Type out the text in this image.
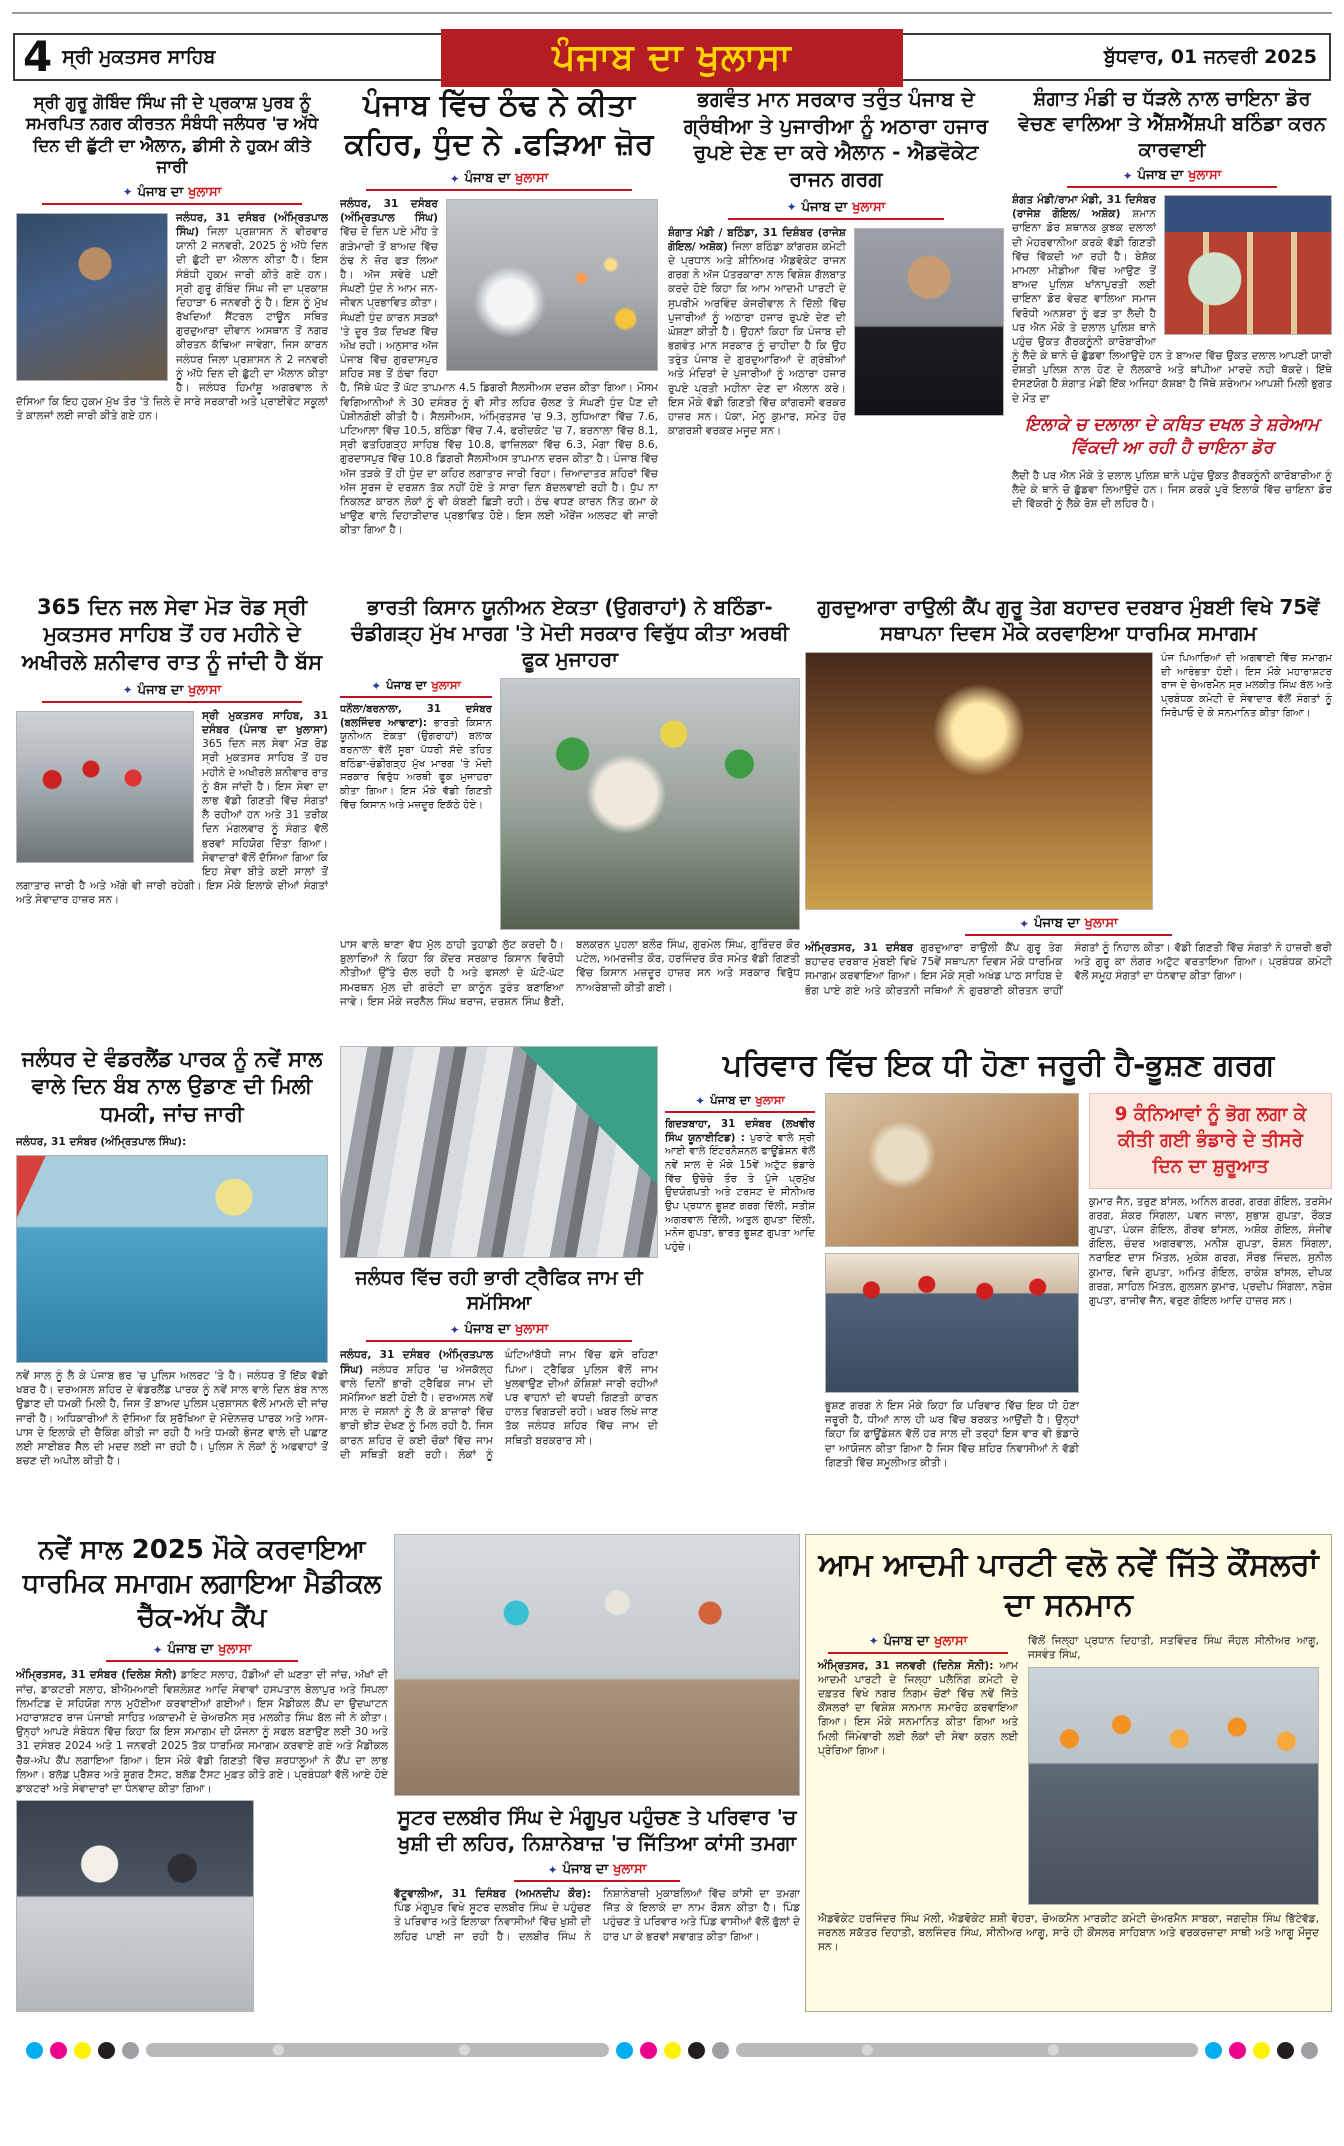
4 ਸ੍ਰੀ ਮੁਕਤਸਰ ਸਾਹਿਬ	ਪੰਜਾਬ ਦਾ ਖੁਲਾਸਾ	ਬੁੱਧਵਾਰ, 01 ਜਨਵਰੀ 2025
ਸ੍ਰੀ ਗੁਰੂ ਗੋਬਿੰਦ ਸਿੰਘ ਜੀ ਦੇ ਪ੍ਰਕਾਸ਼ ਪੁਰਬ ਨੂੰ ਸਮਰਪਿਤ ਨਗਰ ਕੀਰਤਨ ਸੰਬੰਧੀ ਜਲੰਧਰ 'ਚ ਅੱਧੇ ਦਿਨ ਦੀ ਛੁੱਟੀ ਦਾ ਐਲਾਨ, ਡੀਸੀ ਨੇ ਹੁਕਮ ਕੀਤੇ ਜਾਰੀ
✦ ਪੰਜਾਬ ਦਾ ਖੁਲਾਸਾ
ਜਲੰਧਰ, 31 ਦਸੰਬਰ (ਅੰਮ੍ਰਿਤਪਾਲ ਸਿੰਘ) ਜਿਲਾ ਪ੍ਰਸ਼ਾਸਨ ਨੇ ਵੀਰਵਾਰ ਯਾਨੀ 2 ਜਨਵਰੀ, 2025 ਨੂੰ ਅੱਧੇ ਦਿਨ ਦੀ ਛੁੱਟੀ ਦਾ ਐਲਾਨ ਕੀਤਾ ਹੈ। ਇਸ ਸੰਬੰਧੀ ਹੁਕਮ ਜਾਰੀ ਕੀਤੇ ਗਏ ਹਨ। ਸ੍ਰੀ ਗੁਰੂ ਗੋਬਿੰਦ ਸਿੰਘ ਜੀ ਦਾ ਪ੍ਰਕਾਸ਼ ਦਿਹਾੜਾ 6 ਜਨਵਰੀ ਨੂੰ ਹੈ। ਇਸ ਨੂੰ ਮੁੱਖ ਰੱਖਦਿਆਂ ਸੈਂਟਰਲ ਟਾਊਨ ਸਥਿਤ ਗੁਰਦੁਆਰਾ ਦੀਵਾਨ ਅਸਥਾਨ ਤੋਂ ਨਗਰ ਕੀਰਤਨ ਕੱਢਿਆ ਜਾਵੇਗਾ, ਜਿਸ ਕਾਰਨ ਜਲੰਧਰ ਜਿਲਾ ਪ੍ਰਸ਼ਾਸਨ ਨੇ 2 ਜਨਵਰੀ ਨੂੰ ਅੱਧੇ ਦਿਨ ਦੀ ਛੁੱਟੀ ਦਾ ਐਲਾਨ ਕੀਤਾ ਹੈ। ਜਲੰਧਰ ਹਿਮਾਂਸ਼ੂ ਅਗਰਵਾਲ ਨੇ ਦੱਸਿਆ ਕਿ ਇਹ ਹੁਕਮ ਮੁੱਖ ਤੌਰ 'ਤੇ ਜ਼ਿਲੇ ਦੇ ਸਾਰੇ ਸਰਕਾਰੀ ਅਤੇ ਪ੍ਰਾਈਵੇਟ ਸਕੂਲਾਂ ਤੇ ਕਾਲਜਾਂ ਲਈ ਜਾਰੀ ਕੀਤੇ ਗਏ ਹਨ।
ਪੰਜਾਬ ਵਿੱਚ ਠੰਢ ਨੇ ਕੀਤਾ ਕਹਿਰ, ਧੁੰਦ ਨੇ .ਫੜਿਆ ਜ਼ੋਰ
✦ ਪੰਜਾਬ ਦਾ ਖੁਲਾਸਾ
ਜਲੰਧਰ, 31 ਦਸੰਬਰ (ਅੰਮ੍ਰਿਤਪਾਲ ਸਿੰਘ) ਵਿੱਚ ਦੋ ਦਿਨ ਪਏ ਮੀਂਹ ਤੇ ਗੜੇਮਾਰੀ ਤੋਂ ਬਾਅਦ ਵਿੱਚ ਠੰਢ ਨੇ ਜ਼ੋਰ ਫੜ ਲਿਆ ਹੈ। ਅੱਜ ਸਵੇਰੇ ਪਈ ਸੰਘਣੀ ਧੁੰਦ ਨੇ ਆਮ ਜਨ-ਜੀਵਨ ਪ੍ਰਭਾਵਿਤ ਕੀਤਾ। ਸੰਘਣੀ ਧੁੰਦ ਕਾਰਨ ਸੜਕਾਂ 'ਤੇ ਦੂਰ ਤੱਕ ਦਿਖਣ ਵਿੱਚ ਔਖ ਰਹੀ। ਅਨੁਸਾਰ ਅੱਜ ਪੰਜਾਬ ਵਿੱਚ ਗੁਰਦਾਸਪੁਰ ਸ਼ਹਿਰ ਸਭ ਤੋਂ ਠੰਢਾ ਰਿਹਾ ਹੈ, ਜਿੱਥੇ ਘੱਟ ਤੋਂ ਘੱਟ ਤਾਪਮਾਨ 4.5 ਡਿਗਰੀ ਸੈਲਸੀਅਸ ਦਰਜ ਕੀਤਾ ਗਿਆ। ਮੌਸਮ ਵਿਗਿਆਨੀਆਂ ਨੇ 30 ਦਸੰਬਰ ਨੂੰ ਵੀ ਸੀਤ ਲਹਿਰ ਚੱਲਣ ਤੇ ਸੰਘਣੀ ਧੁੰਦ ਪੈਣ ਦੀ ਪੇਸ਼ੀਨਗੋਈ ਕੀਤੀ ਹੈ। ਸੈਲਸੀਅਸ, ਅੰਮ੍ਰਿਤਸਰ 'ਚ 9.3, ਲੁਧਿਆਣਾ ਵਿੱਚ 7.6, ਪਟਿਆਲਾ ਵਿੱਚ 10.5, ਬਠਿੰਡਾ ਵਿੱਚ 7.4, ਫਰੀਦਕੋਟ 'ਚ 7, ਬਰਨਾਲਾ ਵਿੱਚ 8.1, ਸ੍ਰੀ ਫਤਹਿਗੜ੍ਹ ਸਾਹਿਬ ਵਿੱਚ 10.8, ਫਾਜ਼ਿਲਕਾ ਵਿੱਚ 6.3, ਮੋਗਾ ਵਿੱਚ 8.6, ਗੁਰਦਾਸਪੁਰ ਵਿੱਚ 10.8 ਡਿਗਰੀ ਸੈਲਸੀਅਸ ਤਾਪਮਾਨ ਦਰਜ ਕੀਤਾ ਹੈ। ਪੰਜਾਬ ਵਿੱਚ ਅੱਜ ਤੜਕੇ ਤੋਂ ਹੀ ਧੁੰਦ ਦਾ ਕਹਿਰ ਲਗਾਤਾਰ ਜਾਰੀ ਰਿਹਾ। ਜ਼ਿਆਦਾਤਰ ਸ਼ਹਿਰਾਂ ਵਿੱਚ ਅੱਜ ਸੂਰਜ ਦੇ ਦਰਸ਼ਨ ਤੱਕ ਨਹੀਂ ਹੋਏ ਤੇ ਸਾਰਾ ਦਿਨ ਬੱਦਲਵਾਈ ਰਹੀ ਹੈ। ਧੁੱਪ ਨਾ ਨਿਕਲਣ ਕਾਰਨ ਲੋਕਾਂ ਨੂੰ ਵੀ ਕੰਬਣੀ ਛਿੜੀ ਰਹੀ। ਠੰਢ ਵਧਣ ਕਾਰਨ ਨਿੱਤ ਕਮਾ ਕੇ ਖਾਉਣ ਵਾਲੇ ਦਿਹਾੜੀਦਾਰ ਪ੍ਰਭਾਵਿਤ ਹੋਏ। ਇਸ ਲਈ ਔਰੇਂਜ ਅਲਰਟ ਵੀ ਜਾਰੀ ਕੀਤਾ ਗਿਆ ਹੈ।
ਭਗਵੰਤ ਮਾਨ ਸਰਕਾਰ ਤਰੁੰਤ ਪੰਜਾਬ ਦੇ ਗ੍ਰੰਥੀਆ ਤੇ ਪੁਜਾਰੀਆ ਨੂੰ ਅਠਾਰਾ ਹਜਾਰ ਰੁਪਏ ਦੇਣ ਦਾ ਕਰੇ ਐਲਾਨ - ਐਡਵੋਕੇਟ ਰਾਜਨ ਗਰਗ
✦ ਪੰਜਾਬ ਦਾ ਖੁਲਾਸਾ
ਸ਼ੰਗਾਤ ਮੰਡੀ / ਬਠਿੰਡਾ, 31 ਦਿਸ਼ੰਬਰ (ਰਾਜੇਸ਼ ਗੋਇਲ/ ਅਸ਼ੋਕ) ਜਿਲਾ ਬਠਿੰਡਾ ਕਾਂਗਰਸ਼ ਕਮੇਟੀ ਦੇ ਪ੍ਰਧਾਨ ਅਤੇ ਸ਼ੀਨਿਅਰ ਐਡਵੋਕੇਟ ਰਾਜਨ ਗਰਗ ਨੇ ਅੱਜ ਪੱਤਰਕਾਰਾ ਨਾਲ ਵਿਸ਼ੇਸ਼ ਗੱਲਬਾਤ ਕਰਦੇ ਹੋਏ ਕਿਹਾ ਕਿ ਆਮ ਆਦਮੀ ਪਾਰਟੀ ਦੇ ਸੁਪਰੀਮੋ ਅਰਵਿੰਦ ਕੇਜਰੀਵਾਲ ਨੇ ਦਿੱਲੀ ਵਿੱਚ ਪੁਜਾਰੀਆਂ ਨੂੰ ਅਠਾਰਾ ਹਜਾਰ ਰੁਪਏ ਦੇਣ ਦੀ ਘੋਸ਼ਣਾ ਕੀਤੀ ਹੈ। ਉਹਨਾਂ ਕਿਹਾ ਕਿ ਪੰਜਾਬ ਦੀ ਭਗਵੰਤ ਮਾਨ ਸਰਕਾਰ ਨੂੰ ਚਾਹੀਦਾ ਹੈ ਕਿ ਉਹ ਤਰੁੰਤ ਪੰਜਾਬ ਦੇ ਗੁਰਦੁਆਰਿਆਂ ਦੇ ਗ੍ਰੰਥੀਆਂ ਅਤੇ ਮੰਦਿਰਾਂ ਦੇ ਪੁਜਾਰੀਆਂ ਨੂੰ ਅਠਾਰਾ ਹਜਾਰ ਰੁਪਏ ਪ੍ਰਤੀ ਮਹੀਨਾ ਦੇਣ ਦਾ ਐਲਾਨ ਕਰੇ। ਇਸ ਮੌਕੇ ਵੱਡੀ ਗਿਣਤੀ ਵਿੱਚ ਕਾਂਗਰਸੀ ਵਰਕਰ ਹਾਜ਼ਰ ਸਨ। ਪੱਕਾ, ਮੋਨੂ ਕੁਮਾਰ, ਸਮੇਤ ਹੋਰ ਕਾਗਰਸ਼ੀ ਵਰਕਰ ਮਜੂਦ ਸਨ।
ਸ਼ੰਗਾਤ ਮੰਡੀ ਚ ਧੱੜਲੇ ਨਾਲ ਚਾਇਨਾ ਡੋਰ ਵੇਚਣ ਵਾਲਿਆ ਤੇ ਐੱਸ਼ਐੱਸ਼ਪੀ ਬਠਿੰਡਾ ਕਰਨ ਕਾਰਵਾਈ
✦ ਪੰਜਾਬ ਦਾ ਖੁਲਾਸਾ
ਸ਼ੰਗਤ ਮੰਡੀ/ਰਾਮਾ ਮੰਡੀ, 31 ਦਿਸੰਬਰ (ਰਾਜੇਸ਼ ਗੋਇਲ/ ਅਸ਼ੋਕ) ਸ਼ਮਾਨ ਚਾਇਨਾ ਡੋਰ ਸ਼ਥਾਨਕ ਕੁਝਕ ਦਲਾਲਾਂ ਦੀ ਮੇਹਰਵਾਨੀਆ ਕਰਕੇ ਵੱਡੀ ਗਿਣਤੀ ਵਿੱਚ ਵਿੱਕਦੀ ਆ ਰਹੀ ਹੈ। ਬੇਸ਼ੱਕ ਮਾਮਲਾ ਮੀਡੀਆ ਵਿੱਚ ਆਉਣ ਤੋਂ ਬਾਅਦ ਪੁਲਿਸ਼ ਖਾਂਨਾਪੁਰਤੀ ਲਈ ਚਾਇਨਾ ਡੋਰ ਵੇਚਣ ਵਾਲਿਆ ਸਮਾਜ ਵਿਰੋਧੀ ਅਨਸ਼ਰਾ ਨੂੰ ਫੜ ਤਾ ਲੈਦੀ ਹੈ ਪਰ ਐਨ ਮੌਕੇ ਤੇ ਦਲਾਲ ਪੁਲਿਸ਼ ਥਾਨੇ ਪਹੁੰਚ ਉਕਤ ਗੈਰਕਨੂੰਨੀ ਕਾਰੋਬਾਰੀਆ ਨੂੰ ਲੈਦੇ ਕੇ ਥਾਨੇ ਚੋ ਛੁੱਡਵਾ ਲਿਆਉਦੇ ਹਨ ਤੇ ਬਾਅਦ ਵਿੱਚ ਉਕਤ ਦਲਾਲ ਆਪਣੀ ਯਾਰੀ ਦੋਸ਼ਤੀ ਪੁਲਿਸ਼ ਨਾਲ ਹੋਣ ਦੇ ਲੱਲਕਾਰੇ ਅਤੇ ਥਾਂਪੀਆ ਮਾਰਦੇ ਨਹੀ ਥੱਕਦੇ। ਇੱਥੇ ਦੱਸਣਯੋਗ ਹੈ ਸ਼ੰਗਾਤ ਮੰਡੀ ਇੱਕ ਅਜਿਹਾ ਕੱਸ਼ਬਾ ਹੈ ਜਿੱਥੇ ਸ਼ਰੇਆਮ ਆਪਸ਼ੀ ਮਿਲੀ ਭੁਗਤ ਦੇ ਮੌਤ ਦਾ
ਇਲਾਕੇ ਚ ਦਲਾਲਾ ਦੇ ਕਥਿਤ ਦਖਲ ਤੇ ਸ਼ਰੇਆਮ ਵਿੱਕਦੀ ਆ ਰਹੀ ਹੈ ਚਾਇਨਾ ਡੋਰ
ਲੈਦੀ ਹੈ ਪਰ ਐਨ ਮੌਕੇ ਤੇ ਦਲਾਲ ਪੁਲਿਸ਼ ਥਾਨੇ ਪਹੁੰਚ ਉਕਤ ਗੈਰਕਨੂੰਨੀ ਕਾਰੋਬਾਰੀਆ ਨੂੰ ਲੈਦੇ ਕੇ ਥਾਨੇ ਚੋ ਛੁੱਡਵਾ ਲਿਆਉਦੇ ਹਨ। ਜਿਸ ਕਰਕੇ ਪੂਰੇ ਇਲਾਕੇ ਵਿੱਚ ਚਾਇਨਾ ਡੋਰ ਦੀ ਵਿੱਕਰੀ ਨੂੰ ਲੈਕੇ ਰੋਸ਼ ਦੀ ਲਹਿਰ ਹੈ।
365 ਦਿਨ ਜਲ ਸੇਵਾ ਮੋੜ ਰੋਡ ਸ੍ਰੀ ਮੁਕਤਸਰ ਸਾਹਿਬ ਤੋਂ ਹਰ ਮਹੀਨੇ ਦੇ ਅਖੀਰਲੇ ਸ਼ਨੀਵਾਰ ਰਾਤ ਨੂੰ ਜਾਂਦੀ ਹੈ ਬੱਸ
✦ ਪੰਜਾਬ ਦਾ ਖੁਲਾਸਾ
ਸ੍ਰੀ ਮੁਕਤਸਰ ਸਾਹਿਬ, 31 ਦਸੰਬਰ (ਪੰਜਾਬ ਦਾ ਖੁਲਾਸਾ) 365 ਦਿਨ ਜਲ ਸੇਵਾ ਮੋੜ ਰੋਡ ਸ੍ਰੀ ਮੁਕਤਸਰ ਸਾਹਿਬ ਤੋਂ ਹਰ ਮਹੀਨੇ ਦੇ ਅਖੀਰਲੇ ਸ਼ਨੀਵਾਰ ਰਾਤ ਨੂੰ ਬੱਸ ਜਾਂਦੀ ਹੈ। ਇਸ ਸੇਵਾ ਦਾ ਲਾਭ ਵੱਡੀ ਗਿਣਤੀ ਵਿੱਚ ਸੰਗਤਾਂ ਲੈ ਰਹੀਆਂ ਹਨ ਅਤੇ 31 ਤਰੀਕ ਦਿਨ ਮੰਗਲਵਾਰ ਨੂੰ ਸੰਗਤ ਵੱਲੋਂ ਭਰਵਾਂ ਸਹਿਯੋਗ ਦਿੱਤਾ ਗਿਆ। ਸੇਵਾਦਾਰਾਂ ਵੱਲੋਂ ਦੱਸਿਆ ਗਿਆ ਕਿ ਇਹ ਸੇਵਾ ਬੀਤੇ ਕਈ ਸਾਲਾਂ ਤੋਂ ਲਗਾਤਾਰ ਜਾਰੀ ਹੈ ਅਤੇ ਅੱਗੇ ਵੀ ਜਾਰੀ ਰਹੇਗੀ। ਇਸ ਮੌਕੇ ਇਲਾਕੇ ਦੀਆਂ ਸੰਗਤਾਂ ਅਤੇ ਸੇਵਾਦਾਰ ਹਾਜ਼ਰ ਸਨ।
ਭਾਰਤੀ ਕਿਸਾਨ ਯੂਨੀਅਨ ਏਕਤਾ (ਉਗਰਾਹਾਂ) ਨੇ ਬਠਿੰਡਾ-ਚੰਡੀਗੜ੍ਹ ਮੁੱਖ ਮਾਰਗ 'ਤੇ ਮੋਦੀ ਸਰਕਾਰ ਵਿਰੁੱਧ ਕੀਤਾ ਅਰਥੀ ਫੂਕ ਮੁਜਾਹਰਾ
✦ ਪੰਜਾਬ ਦਾ ਖੁਲਾਸਾ
ਧਨੌਲਾ/ਬਰਨਾਲਾ, 31 ਦਸੰਬਰ (ਬਲਜਿੰਦਰ ਆਢਾਣਾ): ਭਾਰਤੀ ਕਿਸਾਨ ਯੂਨੀਅਨ ਏਕਤਾ (ਉਗਰਾਹਾਂ) ਬਲਾਕ ਬਰਨਾਲਾ ਵੱਲੋਂ ਸੂਬਾ ਪੱਧਰੀ ਸੱਦੇ ਤਹਿਤ ਬਠਿੰਡਾ-ਚੰਡੀਗੜ੍ਹ ਮੁੱਖ ਮਾਰਗ 'ਤੇ ਮੋਦੀ ਸਰਕਾਰ ਵਿਰੁੱਧ ਅਰਥੀ ਫੂਕ ਮੁਜਾਹਰਾ ਕੀਤਾ ਗਿਆ। ਇਸ ਮੌਕੇ ਵੱਡੀ ਗਿਣਤੀ ਵਿੱਚ ਕਿਸਾਨ ਅਤੇ ਮਜ਼ਦੂਰ ਇਕੱਠੇ ਹੋਏ।
ਪਾਸ ਵਾਲੇ ਥਾਣਾ ਵੱਧ ਮੁੱਲ ਠਾਹੀ ਤੁਹਾਡੀ ਲੁੱਟ ਕਰਦੀ ਹੈ। ਬੁਲਾਰਿਆਂ ਨੇ ਕਿਹਾ ਕਿ ਕੇਂਦਰ ਸਰਕਾਰ ਕਿਸਾਨ ਵਿਰੋਧੀ ਨੀਤੀਆਂ ਉੱਤੇ ਚੱਲ ਰਹੀ ਹੈ ਅਤੇ ਫਸਲਾਂ ਦੇ ਘੱਟੋ-ਘੱਟ ਸਮਰਥਨ ਮੁੱਲ ਦੀ ਗਰੰਟੀ ਦਾ ਕਾਨੂੰਨ ਤੁਰੰਤ ਬਣਾਇਆ ਜਾਵੇ। ਇਸ ਮੌਕੇ ਜਰਨੈਲ ਸਿੰਘ ਥਰਾਜ, ਦਰਸ਼ਨ ਸਿੰਘ ਭੈਣੀ, ਬਲਕਰਨ ਪੁਹਲਾ ਬਲੌਰ ਸਿੰਘ, ਗੁਰਮੇਲ ਸਿੰਘ, ਗੁਰਿੰਦਰ ਕੌਰ ਪਟੇਲ, ਅਮਰਜੀਤ ਕੌਰ, ਹਰਜਿੰਦਰ ਕੌਰ ਸਮੇਤ ਵੱਡੀ ਗਿਣਤੀ ਵਿੱਚ ਕਿਸਾਨ ਮਜ਼ਦੂਰ ਹਾਜ਼ਰ ਸਨ ਅਤੇ ਸਰਕਾਰ ਵਿਰੁੱਧ ਨਾਅਰੇਬਾਜ਼ੀ ਕੀਤੀ ਗਈ।
ਗੁਰਦੁਆਰਾ ਰਾਉਲੀ ਕੈਂਪ ਗੁਰੂ ਤੇਗ ਬਹਾਦਰ ਦਰਬਾਰ ਮੁੰਬਈ ਵਿਖੇ 75ਵੇਂ ਸਥਾਪਨਾ ਦਿਵਸ ਮੌਕੇ ਕਰਵਾਇਆ ਧਾਰਮਿਕ ਸਮਾਗਮ
ਪੰਜ ਪਿਆਰਿਆਂ ਦੀ ਅਗਵਾਈ ਵਿੱਚ ਸਮਾਗਮ ਦੀ ਆਰੰਭਤਾ ਹੋਈ। ਇਸ ਮੌਕੇ ਮਹਾਰਾਸ਼ਟਰ ਰਾਜ ਦੇ ਚੇਅਰਮੈਨ ਸ੍ਰ ਮਲਕੀਤ ਸਿੰਘ ਬੱਲ ਅਤੇ ਪ੍ਰਬੰਧਕ ਕਮੇਟੀ ਦੇ ਸੇਵਾਦਾਰ ਵੱਲੋਂ ਸੰਗਤਾਂ ਨੂੰ ਸਿਰੋਪਾਓ ਦੇ ਕੇ ਸਨਮਾਨਿਤ ਕੀਤਾ ਗਿਆ।
✦ ਪੰਜਾਬ ਦਾ ਖੁਲਾਸਾ
ਅੰਮ੍ਰਿਤਸਰ, 31 ਦਸੰਬਰ ਗੁਰਦੁਆਰਾ ਰਾਉਲੀ ਕੈਂਪ ਗੁਰੂ ਤੇਗ ਬਹਾਦਰ ਦਰਬਾਰ ਮੁੰਬਈ ਵਿਖੇ 75ਵੇਂ ਸਥਾਪਨਾ ਦਿਵਸ ਮੌਕੇ ਧਾਰਮਿਕ ਸਮਾਗਮ ਕਰਵਾਇਆ ਗਿਆ। ਇਸ ਮੌਕੇ ਸ੍ਰੀ ਅਖੰਡ ਪਾਠ ਸਾਹਿਬ ਦੇ ਭੋਗ ਪਾਏ ਗਏ ਅਤੇ ਕੀਰਤਨੀ ਜਥਿਆਂ ਨੇ ਗੁਰਬਾਣੀ ਕੀਰਤਨ ਰਾਹੀਂ ਸੰਗਤਾਂ ਨੂੰ ਨਿਹਾਲ ਕੀਤਾ। ਵੱਡੀ ਗਿਣਤੀ ਵਿੱਚ ਸੰਗਤਾਂ ਨੇ ਹਾਜ਼ਰੀ ਭਰੀ ਅਤੇ ਗੁਰੂ ਕਾ ਲੰਗਰ ਅਟੁੱਟ ਵਰਤਾਇਆ ਗਿਆ। ਪ੍ਰਬੰਧਕ ਕਮੇਟੀ ਵੱਲੋਂ ਸਮੂਹ ਸੰਗਤਾਂ ਦਾ ਧੰਨਵਾਦ ਕੀਤਾ ਗਿਆ।
ਜਲੰਧਰ ਦੇ ਵੰਡਰਲੈਂਡ ਪਾਰਕ ਨੂੰ ਨਵੇਂ ਸਾਲ ਵਾਲੇ ਦਿਨ ਬੰਬ ਨਾਲ ਉਡਾਣ ਦੀ ਮਿਲੀ ਧਮਕੀ, ਜਾਂਚ ਜਾਰੀ
ਜਲੰਧਰ, 31 ਦਸੰਬਰ (ਅੰਮ੍ਰਿਤਪਾਲ ਸਿੰਘ):
ਨਵੇਂ ਸਾਲ ਨੂੰ ਲੈ ਕੇ ਪੰਜਾਬ ਭਰ 'ਚ ਪੁਲਿਸ ਅਲਰਟ 'ਤੇ ਹੈ। ਜਲੰਧਰ ਤੋਂ ਇੱਕ ਵੱਡੀ ਖਬਰ ਹੈ। ਦਰਅਸਲ ਸ਼ਹਿਰ ਦੇ ਵੰਡਰਲੈਂਡ ਪਾਰਕ ਨੂੰ ਨਵੇਂ ਸਾਲ ਵਾਲੇ ਦਿਨ ਬੰਬ ਨਾਲ ਉਡਾਣ ਦੀ ਧਮਕੀ ਮਿਲੀ ਹੈ, ਜਿਸ ਤੋਂ ਬਾਅਦ ਪੁਲਿਸ ਪ੍ਰਸ਼ਾਸਨ ਵੱਲੋਂ ਮਾਮਲੇ ਦੀ ਜਾਂਚ ਜਾਰੀ ਹੈ। ਅਧਿਕਾਰੀਆਂ ਨੇ ਦੱਸਿਆ ਕਿ ਸੁਰੱਖਿਆ ਦੇ ਮੱਦੇਨਜ਼ਰ ਪਾਰਕ ਅਤੇ ਆਸ-ਪਾਸ ਦੇ ਇਲਾਕੇ ਦੀ ਚੈਕਿੰਗ ਕੀਤੀ ਜਾ ਰਹੀ ਹੈ ਅਤੇ ਧਮਕੀ ਭੇਜਣ ਵਾਲੇ ਦੀ ਪਛਾਣ ਲਈ ਸਾਈਬਰ ਸੈੱਲ ਦੀ ਮਦਦ ਲਈ ਜਾ ਰਹੀ ਹੈ। ਪੁਲਿਸ ਨੇ ਲੋਕਾਂ ਨੂੰ ਅਫਵਾਹਾਂ ਤੋਂ ਬਚਣ ਦੀ ਅਪੀਲ ਕੀਤੀ ਹੈ।
ਜਲੰਧਰ ਵਿੱਚ ਰਹੀ ਭਾਰੀ ਟ੍ਰੈਫਿਕ ਜਾਮ ਦੀ ਸਮੱਸਿਆ
✦ ਪੰਜਾਬ ਦਾ ਖੁਲਾਸਾ
ਜਲੰਧਰ, 31 ਦਸੰਬਰ (ਅੰਮ੍ਰਿਤਪਾਲ ਸਿੰਘ) ਜਲੰਧਰ ਸ਼ਹਿਰ 'ਚ ਅੱਜਕੱਲ੍ਹ ਵਾਲੇ ਦਿਨੀਂ ਭਾਰੀ ਟ੍ਰੈਫਿਕ ਜਾਮ ਦੀ ਸਮੱਸਿਆ ਬਣੀ ਹੋਈ ਹੈ। ਦਰਅਸਲ ਨਵੇਂ ਸਾਲ ਦੇ ਜਸ਼ਨਾਂ ਨੂੰ ਲੈ ਕੇ ਬਾਜ਼ਾਰਾਂ ਵਿੱਚ ਭਾਰੀ ਭੀੜ ਦੇਖਣ ਨੂੰ ਮਿਲ ਰਹੀ ਹੈ, ਜਿਸ ਕਾਰਨ ਸ਼ਹਿਰ ਦੇ ਕਈ ਚੌਕਾਂ ਵਿੱਚ ਜਾਮ ਦੀ ਸਥਿਤੀ ਬਣੀ ਰਹੀ। ਲੋਕਾਂ ਨੂੰ ਘੰਟਿਆਂਬੱਧੀ ਜਾਮ ਵਿੱਚ ਫਸੇ ਰਹਿਣਾ ਪਿਆ। ਟ੍ਰੈਫਿਕ ਪੁਲਿਸ ਵੱਲੋਂ ਜਾਮ ਖੁਲਵਾਉਣ ਦੀਆਂ ਕੋਸ਼ਿਸ਼ਾਂ ਜਾਰੀ ਰਹੀਆਂ ਪਰ ਵਾਹਨਾਂ ਦੀ ਵਧਦੀ ਗਿਣਤੀ ਕਾਰਨ ਹਾਲਤ ਵਿਗੜਦੀ ਰਹੀ। ਖਬਰ ਲਿਖੇ ਜਾਣ ਤੱਕ ਜਲੰਧਰ ਸ਼ਹਿਰ ਵਿੱਚ ਜਾਮ ਦੀ ਸਥਿਤੀ ਬਰਕਰਾਰ ਸੀ।
ਪਰਿਵਾਰ ਵਿੱਚ ਇਕ ਧੀ ਹੋਣਾ ਜਰੂਰੀ ਹੈ-ਭੂਸ਼ਣ ਗਰਗ
✦ ਪੰਜਾਬ ਦਾ ਖੁਲਾਸਾ
ਗਿਦੜਬਾਹਾ, 31 ਦਸੰਬਰ (ਲਖਵੀਰ ਸਿੰਘ ਯੂਨਾਈਟਿਡ) : ਪੁਰਾਣੇ ਵਾਲੇ ਸ੍ਰੀ ਆਈ ਵਾਲੇ ਇੰਟਰਨੈਸ਼ਨਲ ਫਾਊਂਡੇਸ਼ਨ ਵੱਲੋਂ ਨਵੇਂ ਸਾਲ ਦੇ ਮੌਕੇ 15ਵੇਂ ਅਟੁੱਟ ਭੰਡਾਰੇ ਵਿੱਚ ਉਚੇਚੇ ਤੌਰ ਤੇ ਪੁੱਜੇ ਪ੍ਰਮੁੱਖ ਉਦਯੋਗਪਤੀ ਅਤੇ ਟਰਸਟ ਦੇ ਸੀਨੀਅਰ ਉਪ ਪ੍ਰਧਾਨ ਭੂਸ਼ਣ ਗਰਗ ਦਿੱਲੀ, ਸਤੀਸ਼ ਅਗਰਵਾਲ ਦਿੱਲੀ, ਅਤੁਲ ਗੁਪਤਾ ਦਿੱਲੀ, ਮਨੋਜ ਗੁਪਤਾ, ਭਾਰਤ ਭੂਸ਼ਣ ਗੁਪਤਾ ਆਦਿ ਪਹੁੰਚੇ।
ਭੂਸ਼ਣ ਗਰਗ ਨੇ ਇਸ ਮੌਕੇ ਕਿਹਾ ਕਿ ਪਰਿਵਾਰ ਵਿੱਚ ਇਕ ਧੀ ਹੋਣਾ ਜਰੂਰੀ ਹੈ, ਧੀਆਂ ਨਾਲ ਹੀ ਘਰ ਵਿੱਚ ਬਰਕਤ ਆਉਂਦੀ ਹੈ। ਉਨ੍ਹਾਂ ਕਿਹਾ ਕਿ ਫਾਊਂਡੇਸ਼ਨ ਵੱਲੋਂ ਹਰ ਸਾਲ ਦੀ ਤਰ੍ਹਾਂ ਇਸ ਵਾਰ ਵੀ ਭੰਡਾਰੇ ਦਾ ਆਯੋਜਨ ਕੀਤਾ ਗਿਆ ਹੈ ਜਿਸ ਵਿੱਚ ਸ਼ਹਿਰ ਨਿਵਾਸੀਆਂ ਨੇ ਵੱਡੀ ਗਿਣਤੀ ਵਿੱਚ ਸ਼ਮੂਲੀਅਤ ਕੀਤੀ।
9 ਕੰਨਿਆਵਾਂ ਨੂੰ ਭੋਗ ਲਗਾ ਕੇ ਕੀਤੀ ਗਈ ਭੰਡਾਰੇ ਦੇ ਤੀਸਰੇ ਦਿਨ ਦਾ ਸ਼ੁਰੂਆਤ
ਕੁਮਾਰ ਜੈਨ, ਤਰੁਣ ਬਾਂਸਲ, ਅਨਿਲ ਗਰਗ, ਗਰਗ ਗੋਇਲ, ਤਰਸੇਮ ਗਰਗ, ਸ਼ੰਕਰ ਸਿੰਗਲਾ, ਪਵਨ ਜਾਲਾ, ਸੁਭਾਸ਼ ਗੁਪਤਾ, ਰੌਕੜ ਗੁਪਤਾ, ਪੰਕਜ ਗੋਇਲ, ਗੌਰਵ ਬਾਂਸਲ, ਅਸ਼ੋਕ ਗੋਇਲ, ਸੰਜੀਵ ਗੋਇਲ, ਚੰਦਰ ਅਗਰਵਾਲ, ਮਨੀਸ਼ ਗੁਪਤਾ, ਰੋਸ਼ਨ ਸਿੰਗਲਾ, ਨਰਾਇਣ ਦਾਸ ਮਿੱਤਲ, ਮੁਕੇਸ਼ ਗਰਗ, ਸੌਰਭ ਜਿੰਦਲ, ਸੁਨੀਲ ਕੁਮਾਰ, ਵਿਜੇ ਗੁਪਤਾ, ਅਮਿਤ ਗੋਇਲ, ਰਾਕੇਸ਼ ਬਾਂਸਲ, ਦੀਪਕ ਗਰਗ, ਸਾਹਿਲ ਮਿੱਤਲ, ਗੁਲਸ਼ਨ ਕੁਮਾਰ, ਪ੍ਰਦੀਪ ਸਿੰਗਲਾ, ਨਰੇਸ਼ ਗੁਪਤਾ, ਰਾਜੀਵ ਜੈਨ, ਵਰੁਣ ਗੋਇਲ ਆਦਿ ਹਾਜ਼ਰ ਸਨ।
ਨਵੇਂ ਸਾਲ 2025 ਮੌਕੇ ਕਰਵਾਇਆ ਧਾਰਮਿਕ ਸਮਾਗਮ ਲਗਾਇਆ ਮੈਡੀਕਲ ਚੈੱਕ-ਅੱਪ ਕੈਂਪ
✦ ਪੰਜਾਬ ਦਾ ਖੁਲਾਸਾ
ਅੰਮ੍ਰਿਤਸਰ, 31 ਦਸੰਬਰ (ਦਿਲੇਸ਼ ਸੋਨੀ) ਡਾਇਟ ਸਲਾਹ, ਹੱਡੀਆਂ ਦੀ ਘਣਤਾ ਦੀ ਜਾਂਚ, ਅੱਖਾਂ ਦੀ ਜਾਂਚ, ਡਾਕਟਰੀ ਸਲਾਹ, ਬੀਐਮਆਈ ਵਿਸ਼ਲੇਸ਼ਣ ਆਦਿ ਸੇਵਾਵਾਂ ਹਸਪਤਾਲ ਬੇਲਾਪੁਰ ਅਤੇ ਸਿਪਲਾ ਲਿਮਟਿਡ ਦੇ ਸਹਿਯੋਗ ਨਾਲ ਮੁਹੱਈਆ ਕਰਵਾਈਆਂ ਗਈਆਂ। ਇਸ ਮੈਡੀਕਲ ਕੈਂਪ ਦਾ ਉਦਘਾਟਨ ਮਹਾਰਾਸ਼ਟਰ ਰਾਜ ਪੰਜਾਬੀ ਸਾਹਿਤ ਅਕਾਦਮੀ ਦੇ ਚੇਅਰਮੈਨ ਸ੍ਰ ਮਲਕੀਤ ਸਿੰਘ ਬੱਲ ਜੀ ਨੇ ਕੀਤਾ। ਉਨ੍ਹਾਂ ਆਪਣੇ ਸੰਬੋਧਨ ਵਿੱਚ ਕਿਹਾ ਕਿ ਇਸ ਸਮਾਗਮ ਦੀ ਯੋਜਨਾ ਨੂੰ ਸਫਲ ਬਣਾਉਣ ਲਈ 30 ਅਤੇ 31 ਦਸੰਬਰ 2024 ਅਤੇ 1 ਜਨਵਰੀ 2025 ਤੱਕ ਧਾਰਮਿਕ ਸਮਾਗਮ ਕਰਵਾਏ ਗਏ ਅਤੇ ਮੈਡੀਕਲ ਚੈੱਕ-ਅੱਪ ਕੈਂਪ ਲਗਾਇਆ ਗਿਆ। ਇਸ ਮੌਕੇ ਵੱਡੀ ਗਿਣਤੀ ਵਿੱਚ ਸ਼ਰਧਾਲੂਆਂ ਨੇ ਕੈਂਪ ਦਾ ਲਾਭ ਲਿਆ। ਬਲੱਡ ਪ੍ਰੈਸ਼ਰ ਅਤੇ ਸ਼ੂਗਰ ਟੈਸਟ, ਬਲੱਡ ਟੈਸਟ ਮੁਫ਼ਤ ਕੀਤੇ ਗਏ। ਪ੍ਰਬੰਧਕਾਂ ਵੱਲੋਂ ਆਏ ਹੋਏ ਡਾਕਟਰਾਂ ਅਤੇ ਸੇਵਾਦਾਰਾਂ ਦਾ ਧੰਨਵਾਦ ਕੀਤਾ ਗਿਆ।
ਸੂਟਰ ਦਲਬੀਰ ਸਿੰਘ ਦੇ ਮੰਗੂਪੁਰ ਪਹੁੰਚਣ ਤੇ ਪਰਿਵਾਰ 'ਚ ਖੁਸ਼ੀ ਦੀ ਲਹਿਰ, ਨਿਸ਼ਾਨੇਬਾਜ਼ 'ਚ ਜਿੱਤਿਆ ਕਾਂਸੀ ਤਮਗਾ
✦ ਪੰਜਾਬ ਦਾ ਖੁਲਾਸਾ
ਵੱਟੂਵਾਲੀਆ, 31 ਦਿਸੰਬਰ (ਅਮਨਦੀਪ ਕੌਰ): ਪਿੰਡ ਮੰਗੂਪੁਰ ਵਿਖੇ ਸੂਟਰ ਦਲਬੀਰ ਸਿੰਘ ਦੇ ਪਹੁੰਚਣ ਤੇ ਪਰਿਵਾਰ ਅਤੇ ਇਲਾਕਾ ਨਿਵਾਸੀਆਂ ਵਿੱਚ ਖੁਸ਼ੀ ਦੀ ਲਹਿਰ ਪਾਈ ਜਾ ਰਹੀ ਹੈ। ਦਲਬੀਰ ਸਿੰਘ ਨੇ ਨਿਸ਼ਾਨੇਬਾਜ਼ੀ ਮੁਕਾਬਲਿਆਂ ਵਿੱਚ ਕਾਂਸੀ ਦਾ ਤਮਗਾ ਜਿੱਤ ਕੇ ਇਲਾਕੇ ਦਾ ਨਾਮ ਰੌਸ਼ਨ ਕੀਤਾ ਹੈ। ਪਿੰਡ ਪਹੁੰਚਣ ਤੇ ਪਰਿਵਾਰ ਅਤੇ ਪਿੰਡ ਵਾਸੀਆਂ ਵੱਲੋਂ ਫੁੱਲਾਂ ਦੇ ਹਾਰ ਪਾ ਕੇ ਭਰਵਾਂ ਸਵਾਗਤ ਕੀਤਾ ਗਿਆ।
ਆਮ ਆਦਮੀ ਪਾਰਟੀ ਵਲੋ ਨਵੇਂ ਜਿੱਤੇ ਕੌਂਸਲਰਾਂ ਦਾ ਸਨਮਾਨ
✦ ਪੰਜਾਬ ਦਾ ਖੁਲਾਸਾ
ਅੰਮ੍ਰਿਤਸਰ, 31 ਜਨਵਰੀ (ਦਿਨੇਸ਼ ਸੋਨੀ): ਆਮ ਆਦਮੀ ਪਾਰਟੀ ਦੇ ਜਿਲ੍ਹਾ ਪਲੈਨਿੰਗ ਕਮੇਟੀ ਦੇ ਦਫ਼ਤਰ ਵਿਖੇ ਨਗਰ ਨਿਗਮ ਚੋਣਾਂ ਵਿੱਚ ਨਵੇਂ ਜਿੱਤੇ ਕੌਂਸਲਰਾਂ ਦਾ ਵਿਸ਼ੇਸ਼ ਸਨਮਾਨ ਸਮਾਰੋਹ ਕਰਵਾਇਆ ਗਿਆ। ਇਸ ਮੌਕੇ ਸਨਮਾਨਿਤ ਕੀਤਾ ਗਿਆ ਅਤੇ ਮਿਲੀ ਜਿੰਮੇਵਾਰੀ ਲਈ ਲੋਕਾਂ ਦੀ ਸੇਵਾ ਕਰਨ ਲਈ ਪ੍ਰੇਰਿਆ ਗਿਆ।
ਵਿੱਲੋਂ ਜਿਲ੍ਹਾ ਪ੍ਰਧਾਨ ਦਿਹਾਤੀ, ਸਤਵਿੰਦਰ ਸਿੰਘ ਜੌਹਲ ਸੀਨੀਅਰ ਆਗੂ, ਜਸਵੰਤ ਸਿੰਘ,
ਐਡਵੋਕੇਟ ਹਰਜਿੰਦਰ ਸਿੰਘ ਮੱਲੀ, ਐਡਵੋਕੇਟ ਸ਼ਸ਼ੀ ਵੋਹਰਾ, ਚੋਅਕਮੈਨ ਮਾਰਕੀਟ ਕਮੇਟੀ ਚੇਅਰਮੈਨ ਸਾਬਕਾ, ਜਗਦੀਸ਼ ਸਿੰਘ ਭਿੱਟੇਵੱਡ, ਜਰਨਲ ਸਕੱਤਰ ਦਿਹਾਤੀ, ਬਲਜਿੰਦਰ ਸਿੰਘ, ਸੀਨੀਅਰ ਆਗੂ, ਸਾਰੇ ਹੀ ਕੌਂਸਲਰ ਸਾਹਿਬਾਨ ਅਤੇ ਵਰਕਰਜ਼ਾਦਾ ਸਾਥੀ ਅਤੇ ਆਗੂ ਮੌਜੂਦ ਸਨ।
